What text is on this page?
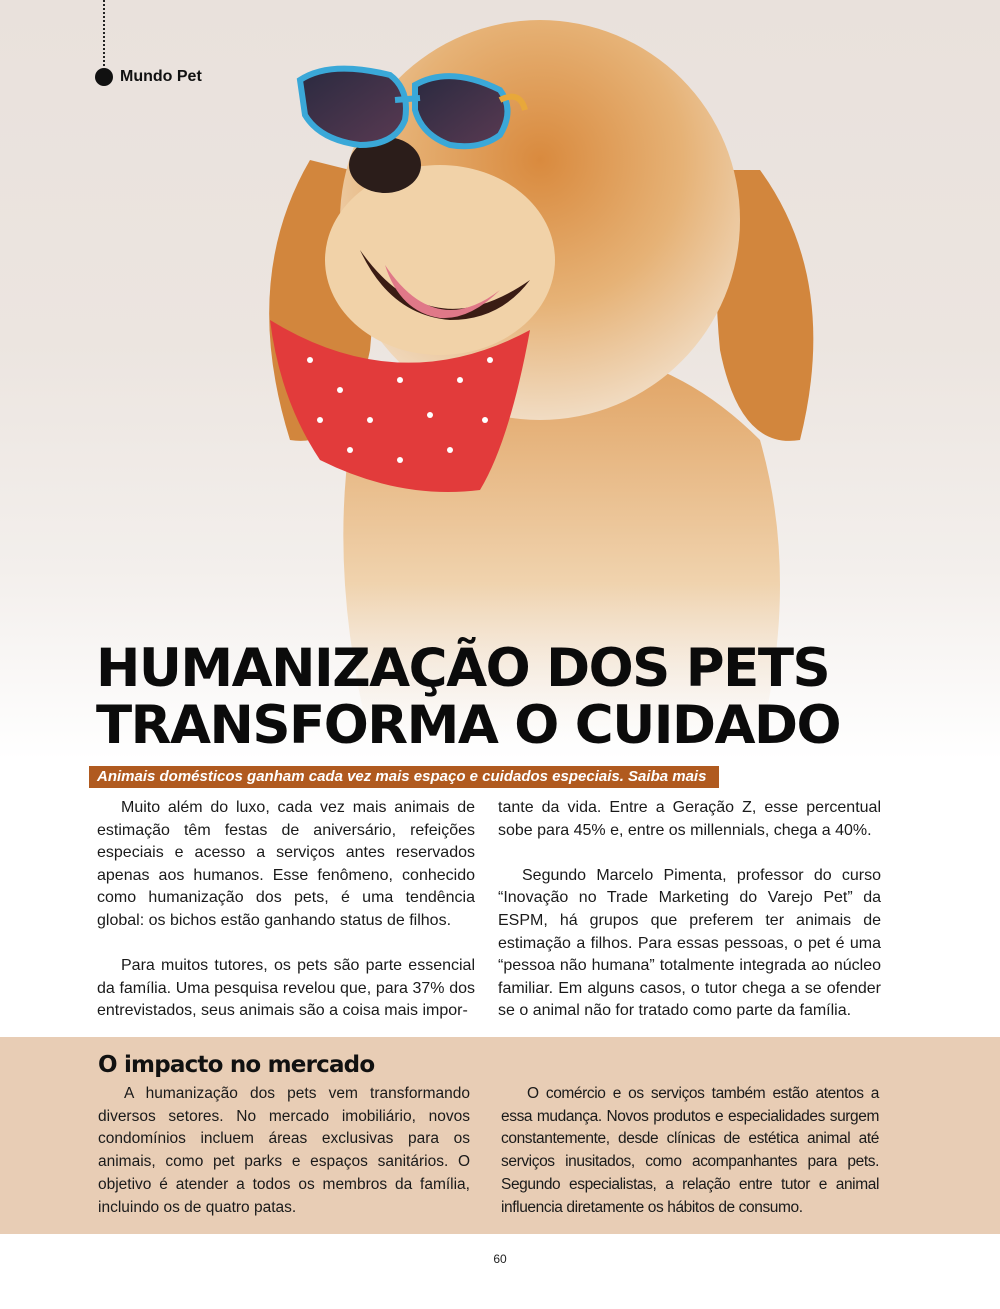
Mundo Pet
HUMANIZAÇÃO DOS PETS
TRANSFORMA O CUIDADO
Animais domésticos ganham cada vez mais espaço e cuidados especiais. Saiba mais

Muito além do luxo, cada vez mais animais de estimação têm festas de aniversário, refeições especiais e acesso a serviços antes reservados apenas aos humanos. Esse fenômeno, conhecido como humanização dos pets, é uma tendência global: os bichos estão ganhando status de filhos.

Para muitos tutores, os pets são parte essencial da família. Uma pesquisa revelou que, para 37% dos entrevistados, seus animais são a coisa mais impor-

tante da vida. Entre a Geração Z, esse percentual sobe para 45% e, entre os millennials, chega a 40%.

Segundo Marcelo Pimenta, professor do curso “Inovação no Trade Marketing do Varejo Pet” da ESPM, há grupos que preferem ter animais de estimação a filhos. Para essas pessoas, o pet é uma “pessoa não humana” totalmente integrada ao núcleo familiar. Em alguns casos, o tutor chega a se ofender se o animal não for tratado como parte da família.

O impacto no mercado

A humanização dos pets vem transformando diversos setores. No mercado imobiliário, novos condomínios incluem áreas exclusivas para os animais, como pet parks e espaços sanitários. O objetivo é atender a todos os membros da família, incluindo os de quatro patas.

O comércio e os serviços também estão atentos a essa mudança. Novos produtos e especialidades surgem constantemente, desde clínicas de estética animal até serviços inusitados, como acompanhantes para pets. Segundo especialistas, a relação entre tutor e animal influencia diretamente os hábitos de consumo.

60
